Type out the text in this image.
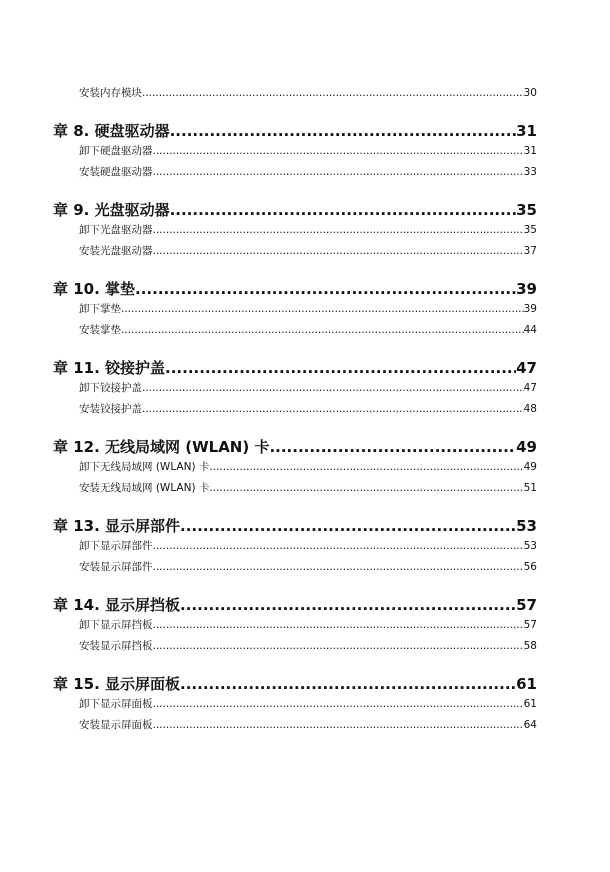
安装内存模块 .....	30
章 8. 硬盘驱动器 .....	31
卸下硬盘驱动器 .....	31
安装硬盘驱动器 .....	33
章 9. 光盘驱动器 .....	35
卸下光盘驱动器 .....	35
安装光盘驱动器 .....	37
章 10. 掌垫 .....	39
卸下掌垫 .....	39
安装掌垫 .....	44
章 11. 铰接护盖 .....	47
卸下铰接护盖 .....	47
安装铰接护盖 .....	48
章 12. 无线局域网 (WLAN) 卡 .....	49
卸下无线局域网 (WLAN) 卡 .....	49
安装无线局域网 (WLAN) 卡 .....	51
章 13. 显示屏部件 .....	53
卸下显示屏部件 .....	53
安装显示屏部件 .....	56
章 14. 显示屏挡板 .....	57
卸下显示屏挡板 .....	57
安装显示屏挡板 .....	58
章 15. 显示屏面板 .....	61
卸下显示屏面板 .....	61
安装显示屏面板 .....	64
